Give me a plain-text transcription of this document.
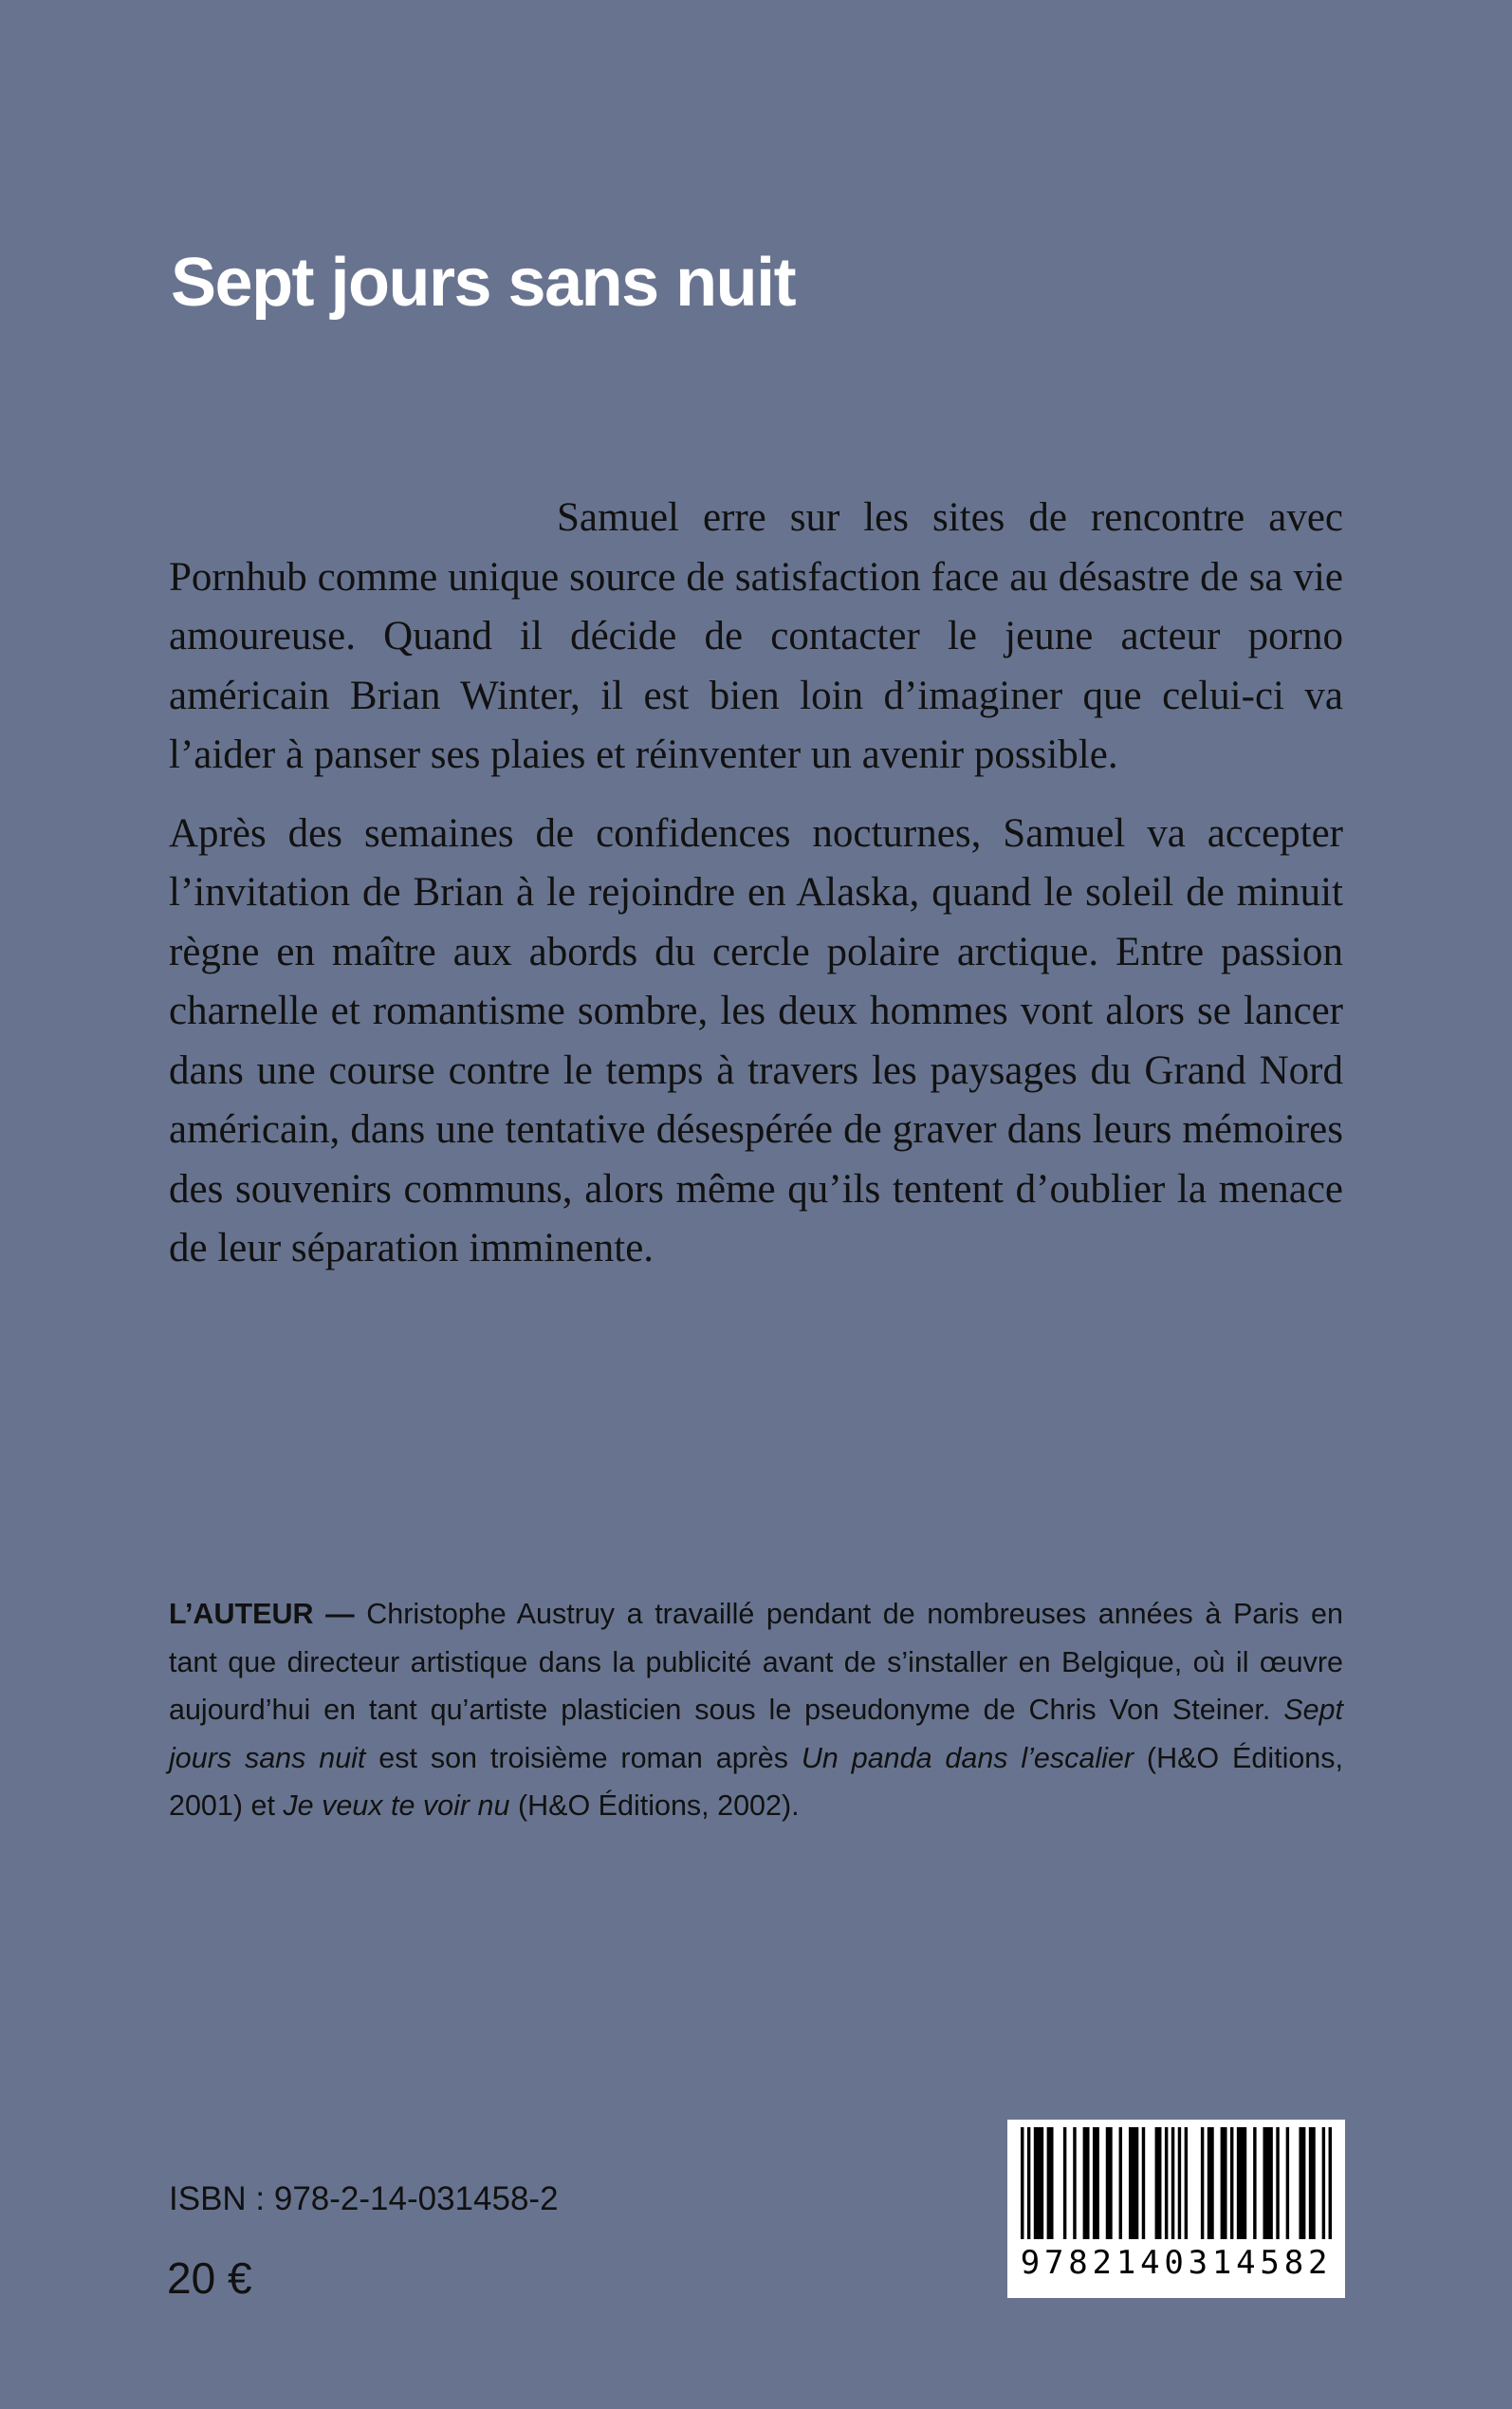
Sept jours sans nuit

Samuel erre sur les sites de rencontre avec Pornhub comme unique source de satisfaction face au désastre de sa vie amoureuse. Quand il décide de contacter le jeune acteur porno américain Brian Winter, il est bien loin d’imaginer que celui-ci va l’aider à panser ses plaies et réinventer un avenir possible.

Après des semaines de confidences nocturnes, Samuel va accepter l’invitation de Brian à le rejoindre en Alaska, quand le soleil de minuit règne en maître aux abords du cercle polaire arctique. Entre passion charnelle et romantisme sombre, les deux hommes vont alors se lancer dans une course contre le temps à travers les paysages du Grand Nord américain, dans une tentative désespérée de graver dans leurs mémoires des souvenirs communs, alors même qu’ils tentent d’oublier la menace de leur séparation imminente.

L’AUTEUR — Christophe Austruy a travaillé pendant de nombreuses années à Paris en tant que directeur artistique dans la publicité avant de s’installer en Belgique, où il œuvre aujourd’hui en tant qu’artiste plasticien sous le pseudonyme de Chris Von Steiner. Sept jours sans nuit est son troisième roman après Un panda dans l’escalier (H&O Éditions, 2001) et Je veux te voir nu (H&O Éditions, 2002).

ISBN : 978-2-14-031458-2

20 €	9782140314582
